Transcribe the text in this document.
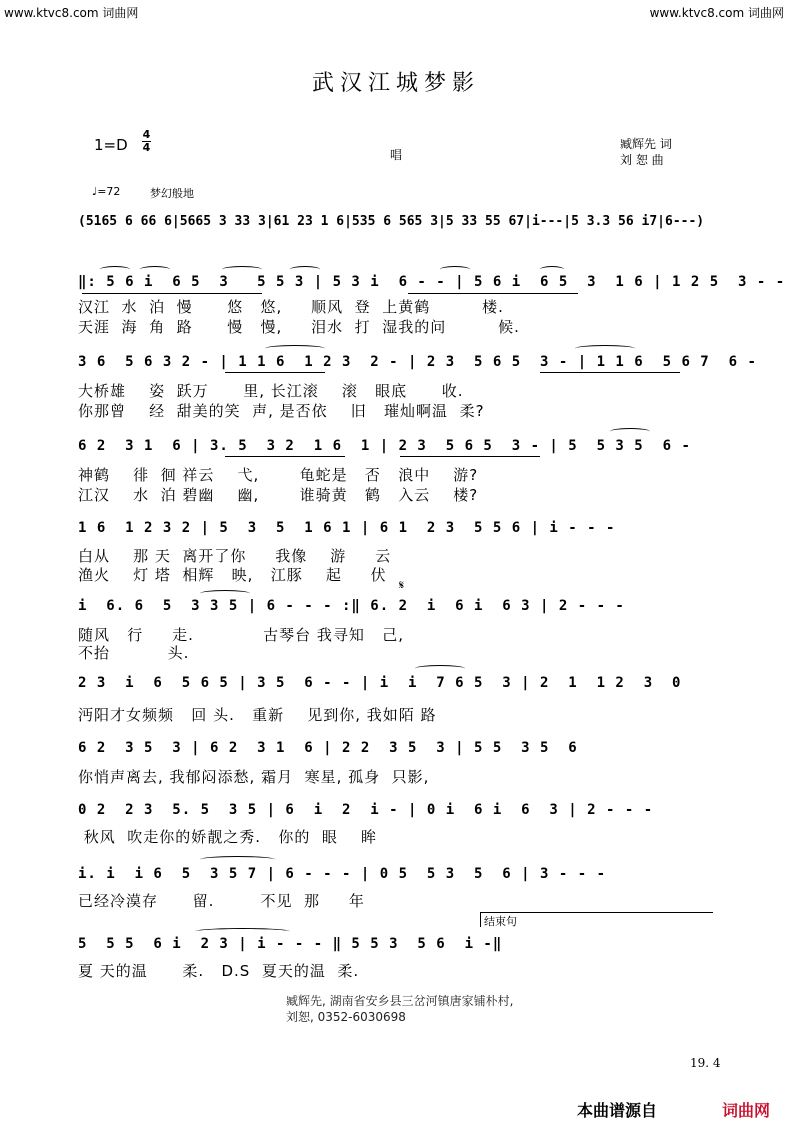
www.ktvc8.com 词曲网	www.ktvc8.com 词曲网
武汉江城梦影
1=D
4
4
唱
臧辉先 词
刘 恕 曲
♩=72	梦幻般地
(5165 6 66 6|5665 3 33 3|61 23 1 6|535 6 565 3|5 33 55 67|i---|5 3.3 56 i7|6---)
‖: 5 6 i  6 5  3   5 5 3 | 5 3 i  6 - - | 5 6 i  6 5  3  1 6 | 1 2 5  3 - -
汉江  水  泊  慢      悠   悠,     顺风  登  上黄鹤         楼.
天涯  海  角  路      慢   慢,     泪水  打  湿我的问         候.
3 6  5 6 3 2 - | 1 1 6  1 2 3  2 - | 2 3  5 6 5  3 - | 1 1 6  5 6 7  6 -
大桥雄    姿  跃万      里, 长江滚    滚   眼底      收.
你那曾    经  甜美的笑  声, 是否依    旧   璀灿啊温  柔?
6 2  3 1  6 | 3. 5  3 2  1 6  1 | 2 3  5 6 5  3 - | 5  5 3 5  6 -
神鹤    徘  徊 祥云    弋,       龟蛇是   否   浪中    游?
江汉    水  泊 碧幽    幽,       谁骑黄   鹤   入云    楼?
1 6  1 2 3 2 | 5  3  5  1 6 1 | 6 1  2 3  5 5 6 | i - - -
白从    那 天  离开了你     我像    游     云
渔火    灯 塔  相辉   映,   江豚    起     伏
𝄋
i  6. 6  5  3 3 5 | 6 - - - :‖ 6. 2  i  6 i  6 3 | 2 - - -
随风   行     走.            古琴台 我寻知   己,
不抬          头.
2 3  i  6  5 6 5 | 3 5  6 - - | i  i  7 6 5  3 | 2  1  1 2  3  0
沔阳才女频频   回 头.   重新    见到你, 我如陌 路
6 2  3 5  3 | 6 2  3 1  6 | 2 2  3 5  3 | 5 5  3 5  6
你悄声离去, 我郁闷添愁, 霜月  寒星, 孤身  只影,
0 2  2 3  5. 5  3 5 | 6  i  2  i - | 0 i  6 i  6  3 | 2 - - -
秋风  吹走你的娇靓之秀.   你的  眼    眸
i. i  i 6  5  3 5 7 | 6 - - - | 0 5  5 3  5  6 | 3 - - -
已经冷漠存      留.        不见  那     年
结束句
5  5 5  6 i  2 3 | i - - - ‖ 5 5 3  5 6  i -‖
夏 天的温      柔.   D.S  夏天的温  柔.
臧辉先, 湖南省安乡县三岔河镇唐家铺朴村,
刘恕, 0352-6030698
19. 4
本曲谱源自	词曲网
